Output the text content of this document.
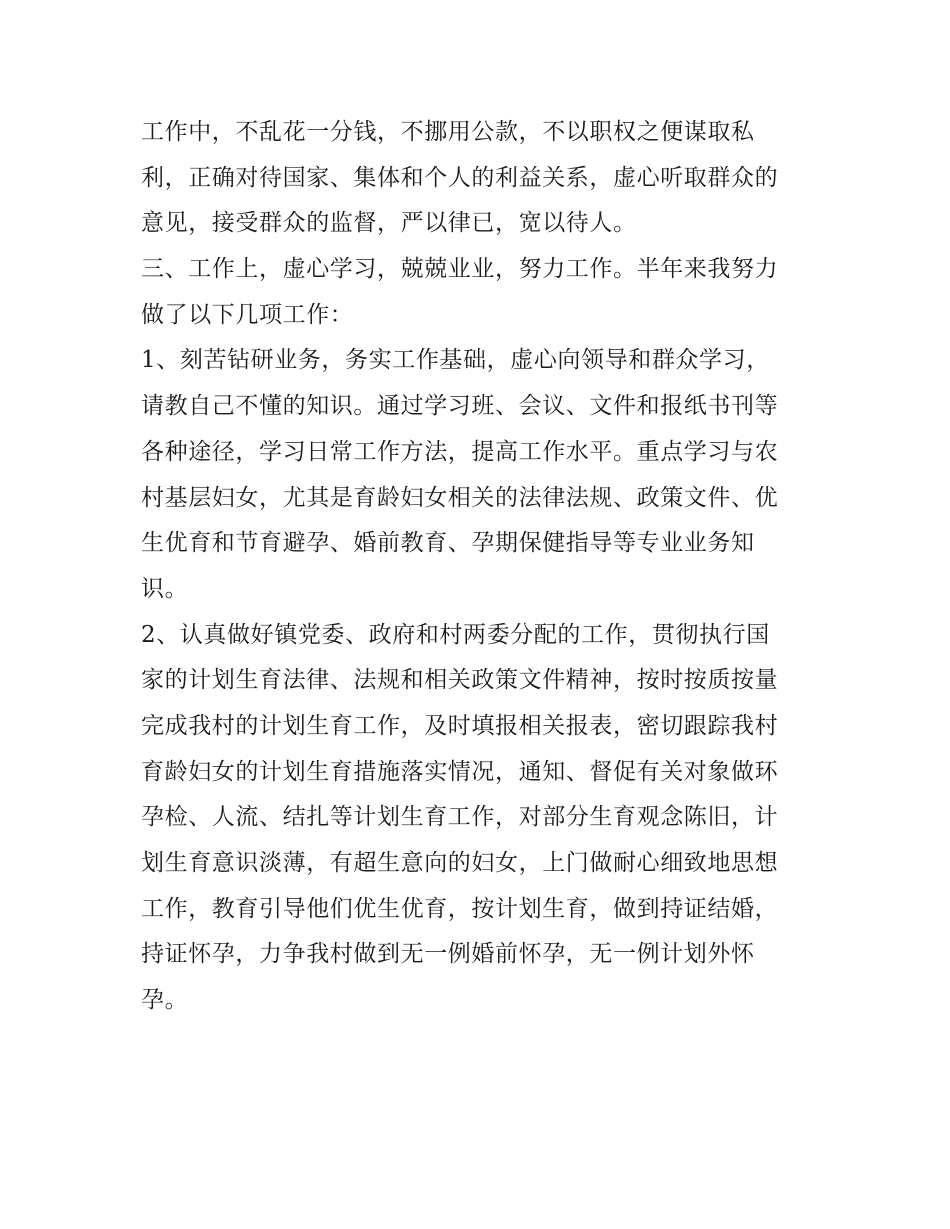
工作中，不乱花一分钱，不挪用公款，不以职权之便谋取私
利，正确对待国家、集体和个人的利益关系，虚心听取群众的
意见，接受群众的监督，严以律已，宽以待人。
三、工作上，虚心学习，兢兢业业，努力工作。半年来我努力
做了以下几项工作：
1、刻苦钻研业务，务实工作基础，虚心向领导和群众学习，
请教自己不懂的知识。通过学习班、会议、文件和报纸书刊等
各种途径，学习日常工作方法，提高工作水平。重点学习与农
村基层妇女，尤其是育龄妇女相关的法律法规、政策文件、优
生优育和节育避孕、婚前教育、孕期保健指导等专业业务知
识。
2、认真做好镇党委、政府和村两委分配的工作，贯彻执行国
家的计划生育法律、法规和相关政策文件精神，按时按质按量
完成我村的计划生育工作，及时填报相关报表，密切跟踪我村
育龄妇女的计划生育措施落实情况，通知、督促有关对象做环
孕检、人流、结扎等计划生育工作，对部分生育观念陈旧，计
划生育意识淡薄，有超生意向的妇女，上门做耐心细致地思想
工作，教育引导他们优生优育，按计划生育，做到持证结婚，
持证怀孕，力争我村做到无一例婚前怀孕，无一例计划外怀
孕。
